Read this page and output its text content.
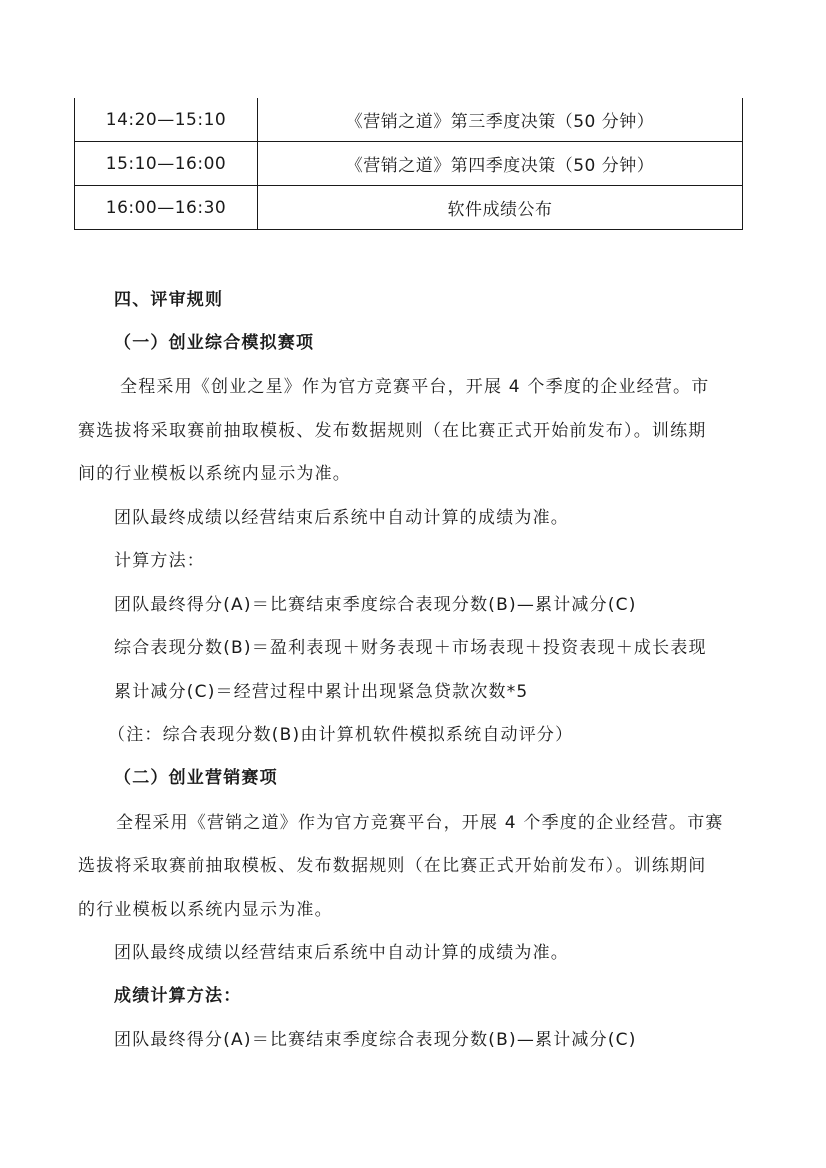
14:20—15:10	《营销之道》第三季度决策（50 分钟）
15:10—16:00	《营销之道》第四季度决策（50 分钟）
16:00—16:30	软件成绩公布
四、评审规则
（一）创业综合模拟赛项
全程采用《创业之星》作为官方竞赛平台，开展 4 个季度的企业经营。市
赛选拔将采取赛前抽取模板、发布数据规则（在比赛正式开始前发布）。训练期
间的行业模板以系统内显示为准。
团队最终成绩以经营结束后系统中自动计算的成绩为准。
计算方法：
团队最终得分(A)＝比赛结束季度综合表现分数(B)—累计减分(C)
综合表现分数(B)＝盈利表现＋财务表现＋市场表现＋投资表现＋成长表现
累计减分(C)＝经营过程中累计出现紧急贷款次数*5
（注：综合表现分数(B)由计算机软件模拟系统自动评分）
（二）创业营销赛项
全程采用《营销之道》作为官方竞赛平台，开展 4 个季度的企业经营。市赛
选拔将采取赛前抽取模板、发布数据规则（在比赛正式开始前发布）。训练期间
的行业模板以系统内显示为准。
团队最终成绩以经营结束后系统中自动计算的成绩为准。
成绩计算方法：
团队最终得分(A)＝比赛结束季度综合表现分数(B)—累计减分(C)
